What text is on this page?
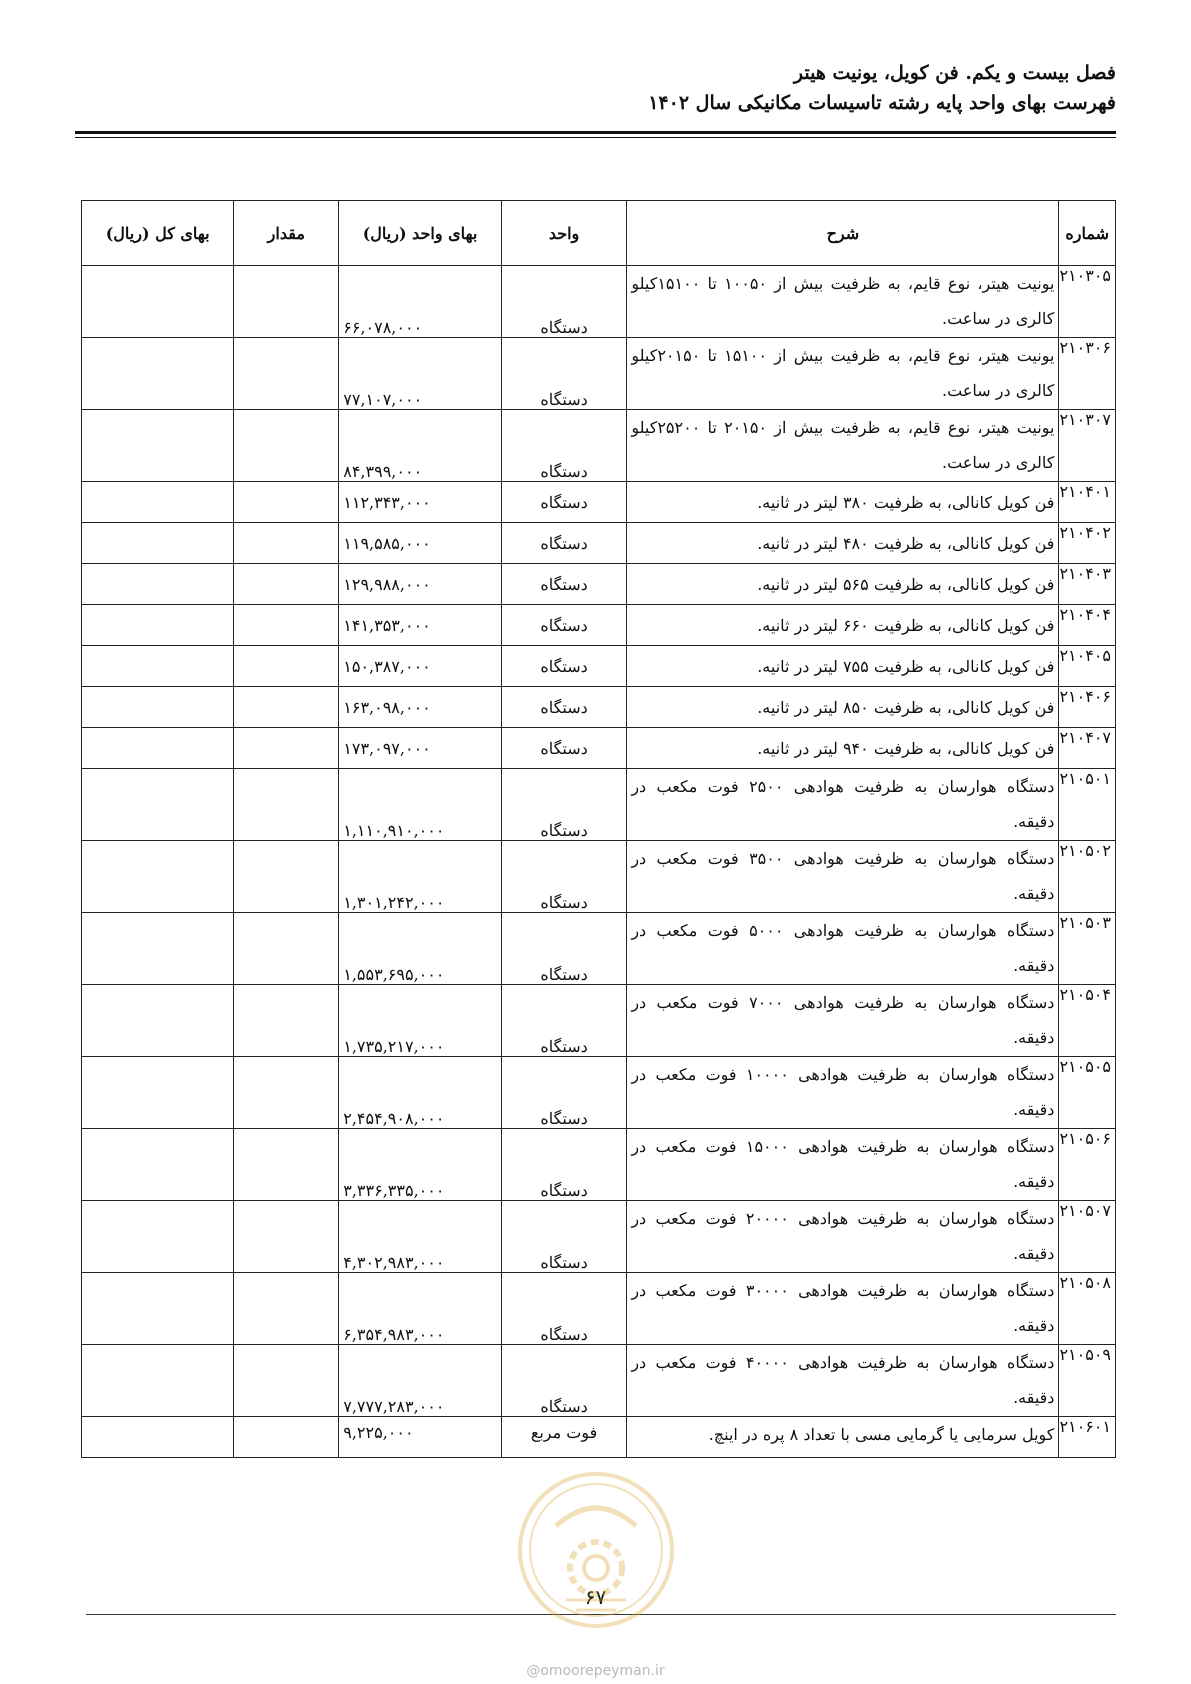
فصل بیست و یکم. فن کویل، یونیت هیتر
فهرست بهای واحد پایه رشته تاسیسات مکانیکی سال ۱۴۰۲
شماره	شرح	واحد	بهای واحد (ریال)	مقدار	بهای کل (ریال)
۲۱۰۳۰۵	یونیت هیتر، نوع قایم، به ظرفیت بیش از ۱۰۰۵۰ تا ۱۵۱۰۰کیلو کالری در ساعت.	دستگاه	۶۶,۰۷۸,۰۰۰		
۲۱۰۳۰۶	یونیت هیتر، نوع قایم، به ظرفیت بیش از ۱۵۱۰۰ تا ۲۰۱۵۰کیلو کالری در ساعت.	دستگاه	۷۷,۱۰۷,۰۰۰		
۲۱۰۳۰۷	یونیت هیتر، نوع قایم، به ظرفیت بیش از ۲۰۱۵۰ تا ۲۵۲۰۰کیلو کالری در ساعت.	دستگاه	۸۴,۳۹۹,۰۰۰		
۲۱۰۴۰۱	فن کویل کانالی، به ظرفیت ۳۸۰ لیتر در ثانیه.	دستگاه	۱۱۲,۳۴۳,۰۰۰		
۲۱۰۴۰۲	فن کویل کانالی، به ظرفیت ۴۸۰ لیتر در ثانیه.	دستگاه	۱۱۹,۵۸۵,۰۰۰		
۲۱۰۴۰۳	فن کویل کانالی، به ظرفیت ۵۶۵ لیتر در ثانیه.	دستگاه	۱۲۹,۹۸۸,۰۰۰		
۲۱۰۴۰۴	فن کویل کانالی، به ظرفیت ۶۶۰ لیتر در ثانیه.	دستگاه	۱۴۱,۳۵۳,۰۰۰		
۲۱۰۴۰۵	فن کویل کانالی، به ظرفیت ۷۵۵ لیتر در ثانیه.	دستگاه	۱۵۰,۳۸۷,۰۰۰		
۲۱۰۴۰۶	فن کویل کانالی، به ظرفیت ۸۵۰ لیتر در ثانیه.	دستگاه	۱۶۳,۰۹۸,۰۰۰		
۲۱۰۴۰۷	فن کویل کانالی، به ظرفیت ۹۴۰ لیتر در ثانیه.	دستگاه	۱۷۳,۰۹۷,۰۰۰		
۲۱۰۵۰۱	دستگاه هوارسان به ظرفیت هوادهی ۲۵۰۰ فوت مکعب در دقیقه.	دستگاه	۱,۱۱۰,۹۱۰,۰۰۰		
۲۱۰۵۰۲	دستگاه هوارسان به ظرفیت هوادهی ۳۵۰۰ فوت مکعب در دقیقه.	دستگاه	۱,۳۰۱,۲۴۲,۰۰۰		
۲۱۰۵۰۳	دستگاه هوارسان به ظرفیت هوادهی ۵۰۰۰ فوت مکعب در دقیقه.	دستگاه	۱,۵۵۳,۶۹۵,۰۰۰		
۲۱۰۵۰۴	دستگاه هوارسان به ظرفیت هوادهی ۷۰۰۰ فوت مکعب در دقیقه.	دستگاه	۱,۷۳۵,۲۱۷,۰۰۰		
۲۱۰۵۰۵	دستگاه هوارسان به ظرفیت هوادهی ۱۰۰۰۰ فوت مکعب در دقیقه.	دستگاه	۲,۴۵۴,۹۰۸,۰۰۰		
۲۱۰۵۰۶	دستگاه هوارسان به ظرفیت هوادهی ۱۵۰۰۰ فوت مکعب در دقیقه.	دستگاه	۳,۳۳۶,۳۳۵,۰۰۰		
۲۱۰۵۰۷	دستگاه هوارسان به ظرفیت هوادهی ۲۰۰۰۰ فوت مکعب در دقیقه.	دستگاه	۴,۳۰۲,۹۸۳,۰۰۰		
۲۱۰۵۰۸	دستگاه هوارسان به ظرفیت هوادهی ۳۰۰۰۰ فوت مکعب در دقیقه.	دستگاه	۶,۳۵۴,۹۸۳,۰۰۰		
۲۱۰۵۰۹	دستگاه هوارسان به ظرفیت هوادهی ۴۰۰۰۰ فوت مکعب در دقیقه.	دستگاه	۷,۷۷۷,۲۸۳,۰۰۰		
۲۱۰۶۰۱	کویل سرمایی یا گرمایی مسی با تعداد ۸ پره در اینچ.	فوت مربع	۹,۲۲۵,۰۰۰		
۶۷
@omoorepeyman.ir
